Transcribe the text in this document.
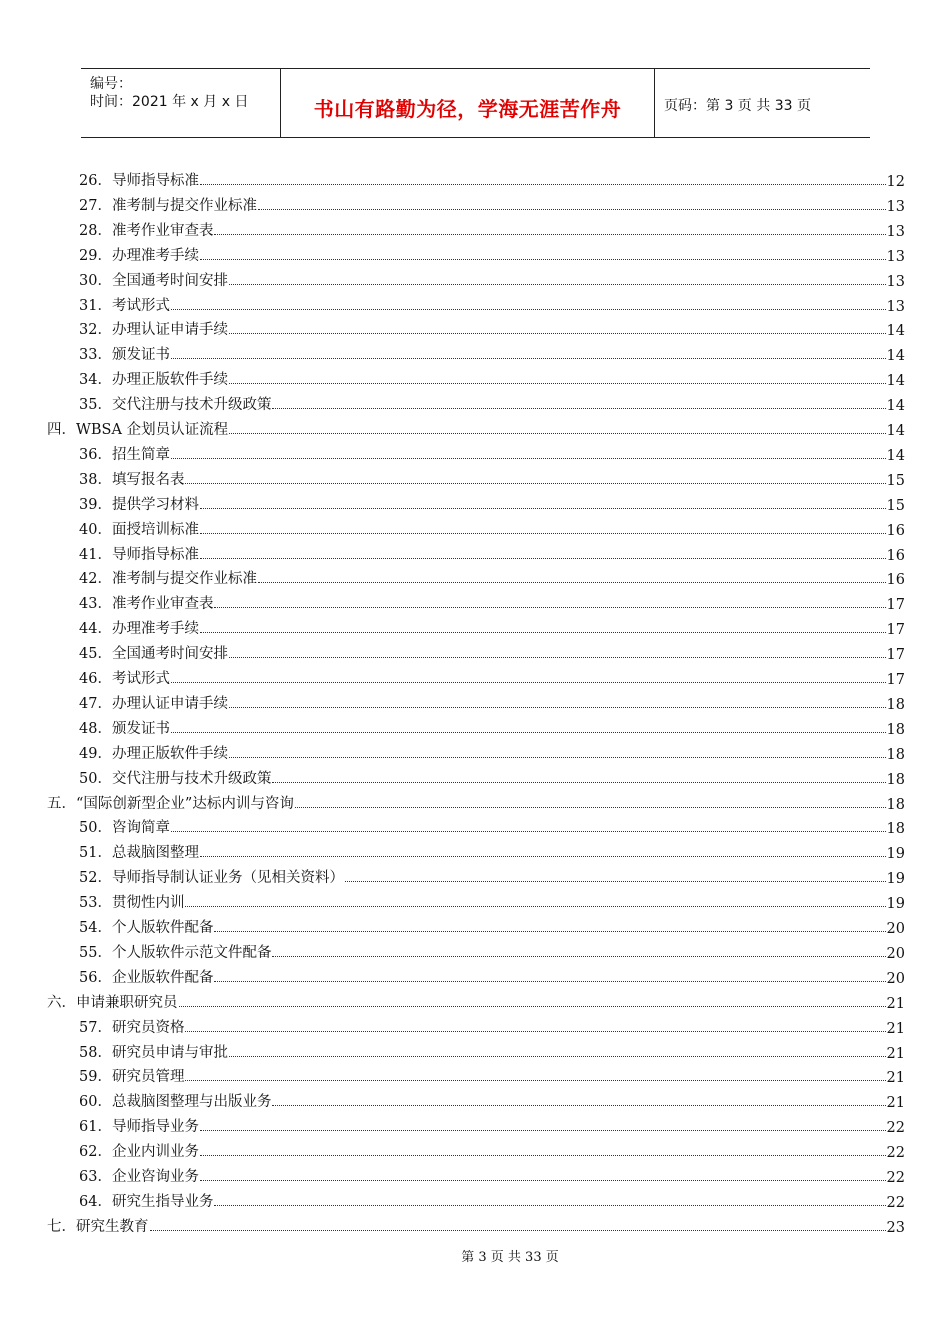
编号：
时间：2021 年 x 月 x 日	书山有路勤为径，学海无涯苦作舟	页码：第 3 页 共 33 页
26．导师指导标准	12
27．准考制与提交作业标准	13
28．准考作业审查表	13
29．办理准考手续	13
30．全国通考时间安排	13
31．考试形式	13
32．办理认证申请手续	14
33．颁发证书	14
34．办理正版软件手续	14
35．交代注册与技术升级政策	14
四．WBSA 企划员认证流程	14
36．招生简章	14
38．填写报名表	15
39．提供学习材料	15
40．面授培训标准	16
41．导师指导标准	16
42．准考制与提交作业标准	16
43．准考作业审查表	17
44．办理准考手续	17
45．全国通考时间安排	17
46．考试形式	17
47．办理认证申请手续	18
48．颁发证书	18
49．办理正版软件手续	18
50．交代注册与技术升级政策	18
五．“国际创新型企业”达标内训与咨询	18
50．咨询简章	18
51．总裁脑图整理	19
52．导师指导制认证业务（见相关资料）	19
53．贯彻性内训	19
54．个人版软件配备	20
55．个人版软件示范文件配备	20
56．企业版软件配备	20
六．申请兼职研究员	21
57．研究员资格	21
58．研究员申请与审批	21
59．研究员管理	21
60．总裁脑图整理与出版业务	21
61．导师指导业务	22
62．企业内训业务	22
63．企业咨询业务	22
64．研究生指导业务	22
七．研究生教育	23
第 3 页 共 33 页
